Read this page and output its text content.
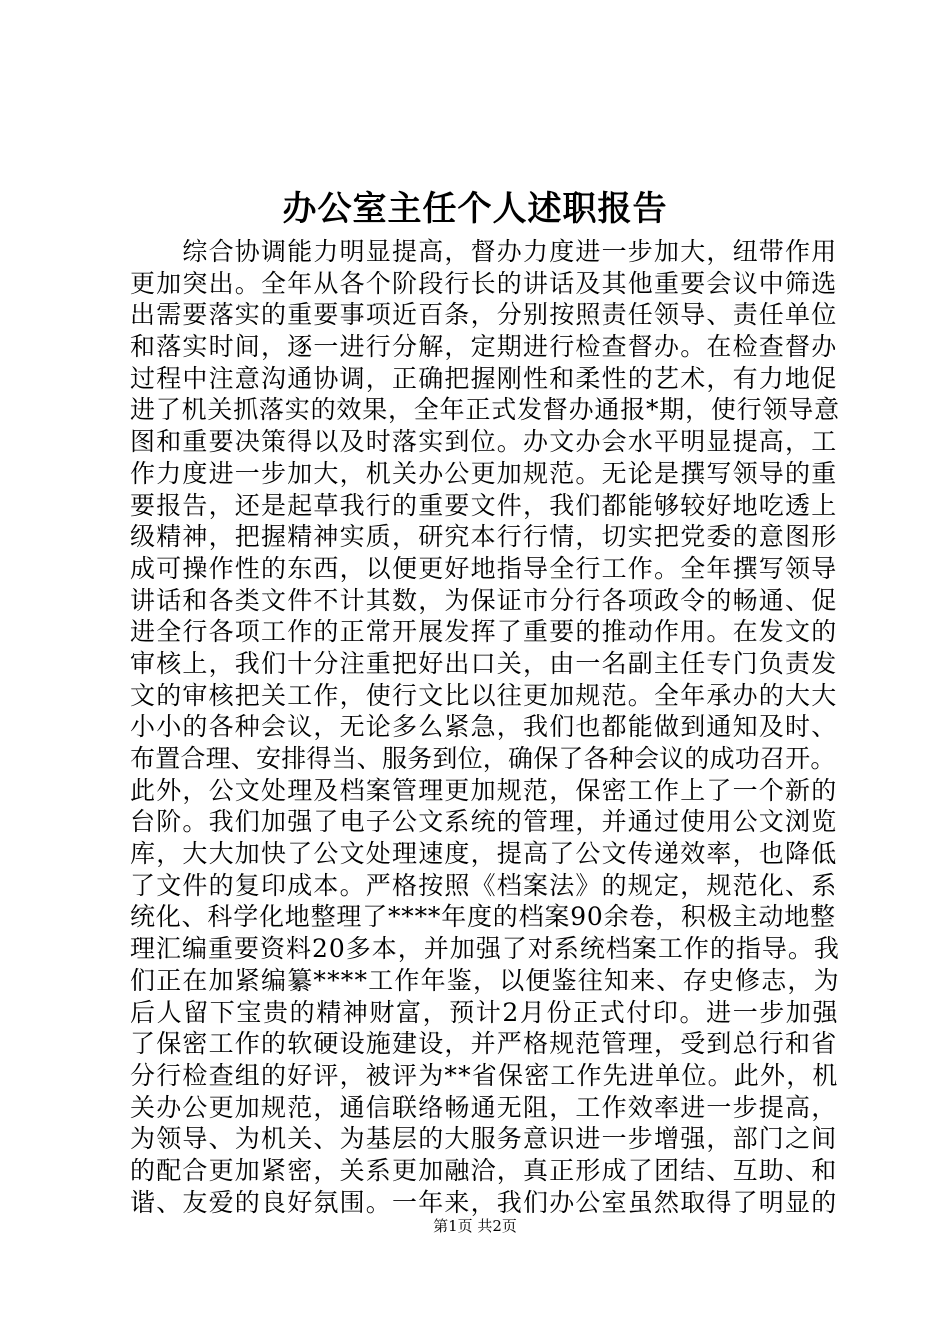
办公室主任个人述职报告
　　综合协调能力明显提高，督办力度进一步加大，纽带作用
更加突出。全年从各个阶段行长的讲话及其他重要会议中筛选
出需要落实的重要事项近百条，分别按照责任领导、责任单位
和落实时间，逐一进行分解，定期进行检查督办。在检查督办
过程中注意沟通协调，正确把握刚性和柔性的艺术，有力地促
进了机关抓落实的效果，全年正式发督办通报*期，使行领导意
图和重要决策得以及时落实到位。办文办会水平明显提高，工
作力度进一步加大，机关办公更加规范。无论是撰写领导的重
要报告，还是起草我行的重要文件，我们都能够较好地吃透上
级精神，把握精神实质，研究本行行情，切实把党委的意图形
成可操作性的东西，以便更好地指导全行工作。全年撰写领导
讲话和各类文件不计其数，为保证市分行各项政令的畅通、促
进全行各项工作的正常开展发挥了重要的推动作用。在发文的
审核上，我们十分注重把好出口关，由一名副主任专门负责发
文的审核把关工作，使行文比以往更加规范。全年承办的大大
小小的各种会议，无论多么紧急，我们也都能做到通知及时、
布置合理、安排得当、服务到位，确保了各种会议的成功召开。
此外，公文处理及档案管理更加规范，保密工作上了一个新的
台阶。我们加强了电子公文系统的管理，并通过使用公文浏览
库，大大加快了公文处理速度，提高了公文传递效率，也降低
了文件的复印成本。严格按照《档案法》的规定，规范化、系
统化、科学化地整理了****年度的档案90余卷，积极主动地整
理汇编重要资料20多本，并加强了对系统档案工作的指导。我
们正在加紧编纂****工作年鉴，以便鉴往知来、存史修志，为
后人留下宝贵的精神财富，预计2月份正式付印。进一步加强
了保密工作的软硬设施建设，并严格规范管理，受到总行和省
分行检查组的好评，被评为**省保密工作先进单位。此外，机
关办公更加规范，通信联络畅通无阻，工作效率进一步提高，
为领导、为机关、为基层的大服务意识进一步增强，部门之间
的配合更加紧密，关系更加融洽，真正形成了团结、互助、和
谐、友爱的良好氛围。一年来，我们办公室虽然取得了明显的
第1页 共2页
